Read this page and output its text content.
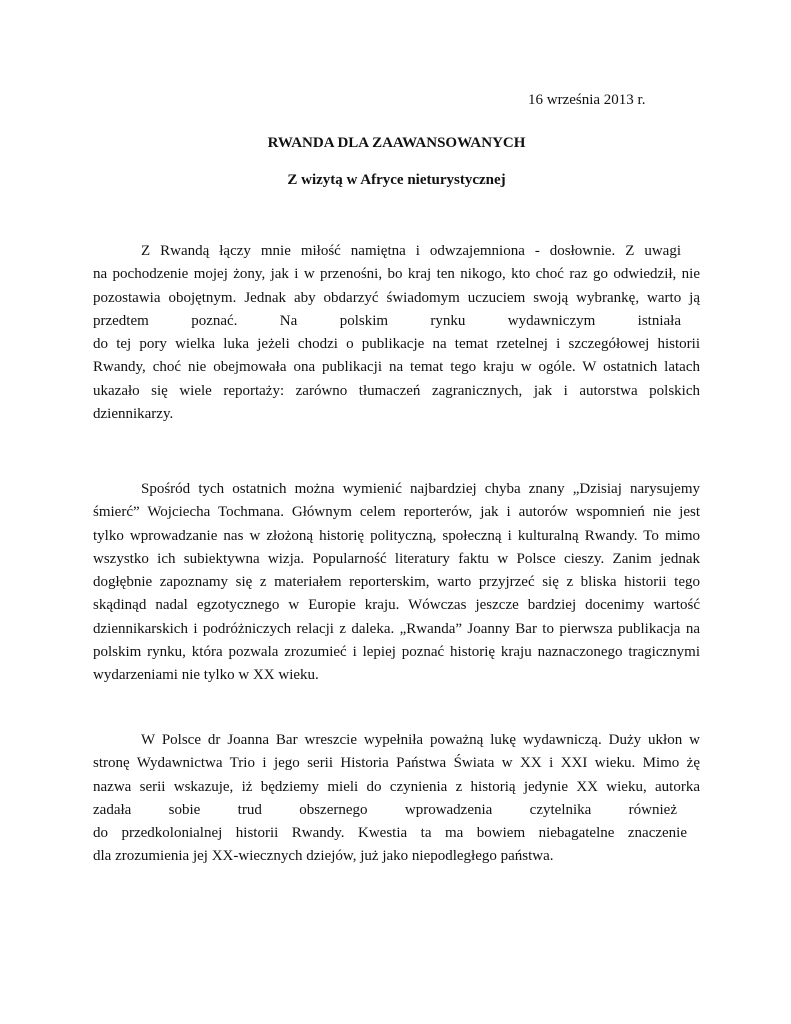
16 września 2013 r.
RWANDA DLA ZAAWANSOWANYCH
Z wizytą w Afryce nieturystycznej
Z Rwandą łączy mnie miłość namiętna i odwzajemniona - dosłownie. Z uwagi
na pochodzenie mojej żony, jak i w przenośni, bo kraj ten nikogo, kto choć raz go odwiedził, nie
pozostawia obojętnym. Jednak aby obdarzyć świadomym uczuciem swoją wybrankę, warto ją
przedtem poznać. Na polskim rynku wydawniczym istniała
do tej pory wielka luka jeżeli chodzi o publikacje na temat rzetelnej i szczegółowej historii
Rwandy, choć nie obejmowała ona publikacji na temat tego kraju w ogóle. W ostatnich latach
ukazało się wiele reportaży: zarówno tłumaczeń zagranicznych, jak i autorstwa polskich
dziennikarzy.
Spośród tych ostatnich można wymienić najbardziej chyba znany „Dzisiaj narysujemy
śmierć” Wojciecha Tochmana. Głównym celem reporterów, jak i autorów wspomnień nie jest
tylko wprowadzanie nas w złożoną historię polityczną, społeczną i kulturalną Rwandy. To mimo
wszystko ich subiektywna wizja. Popularność literatury faktu w Polsce cieszy. Zanim jednak
dogłębnie zapoznamy się z materiałem reporterskim, warto przyjrzeć się z bliska historii tego
skądinąd nadal egzotycznego w Europie kraju. Wówczas jeszcze bardziej docenimy wartość
dziennikarskich i podróżniczych relacji z daleka. „Rwanda” Joanny Bar to pierwsza publikacja na
polskim rynku, która pozwala zrozumieć i lepiej poznać historię kraju naznaczonego tragicznymi
wydarzeniami nie tylko w XX wieku.
W Polsce dr Joanna Bar wreszcie wypełniła poważną lukę wydawniczą. Duży ukłon w
stronę Wydawnictwa Trio i jego serii Historia Państwa Świata w XX i XXI wieku. Mimo żę
nazwa serii wskazuje, iż będziemy mieli do czynienia z historią jedynie XX wieku, autorka
zadała sobie trud obszernego wprowadzenia czytelnika również
do przedkolonialnej historii Rwandy. Kwestia ta ma bowiem niebagatelne znaczenie
dla zrozumienia jej XX-wiecznych dziejów, już jako niepodległego państwa.
